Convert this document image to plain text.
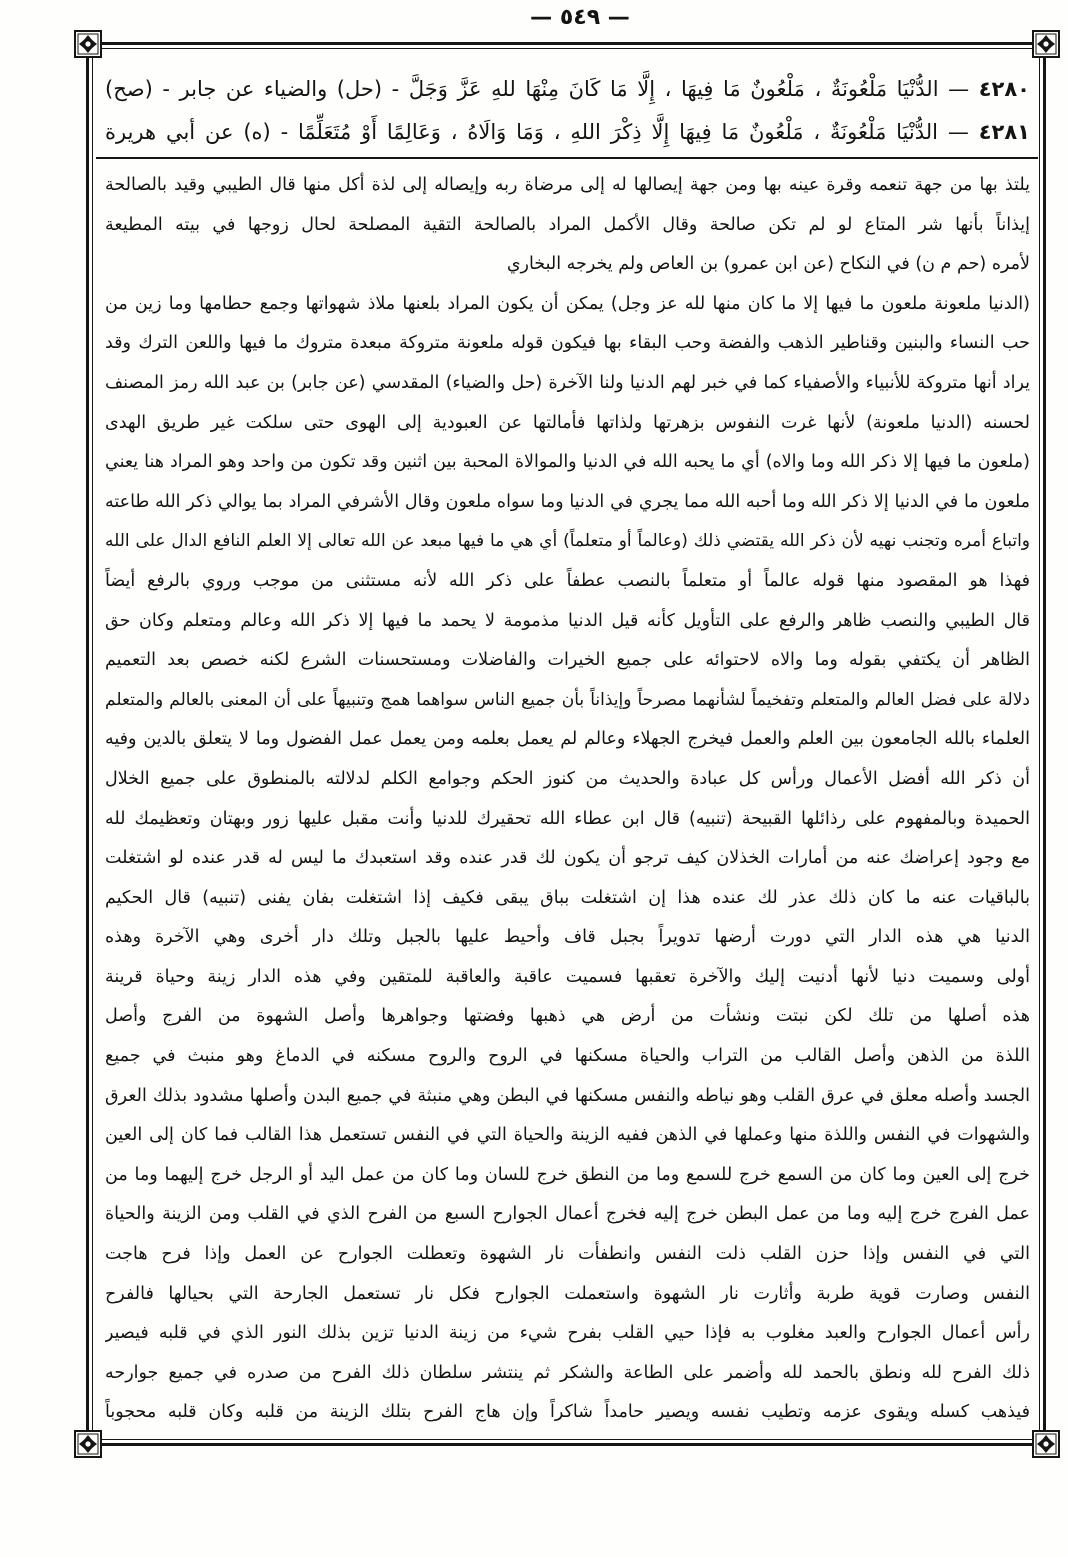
— ٥٤٩ —
٤٢٨٠ — الدُّنْيَا مَلْعُونَةٌ ، مَلْعُونٌ مَا فِيهَا ، إِلَّا مَا كَانَ مِنْهَا للهِ عَزَّ وَجَلَّ - (حل) والضياء عن جابر - (صح)
٤٢٨١ — الدُّنْيَا مَلْعُونَةٌ ، مَلْعُونٌ مَا فِيهَا إِلَّا ذِكْرَ اللهِ ، وَمَا وَالَاهُ ، وَعَالِمًا أَوْ مُتَعَلِّمًا - (ه) عن أبي هريرة
يلتذ بها من جهة تنعمه وقرة عينه بها ومن جهة إيصالها له إلى مرضاة ربه وإيصاله إلى لذة أكل منها قال الطيبي وقيد بالصالحة
إيذاناً بأنها شر المتاع لو لم تكن صالحة وقال الأكمل المراد بالصالحة التقية المصلحة لحال زوجها في بيته المطيعة
لأمره (حم م ن) في النكاح (عن ابن عمرو) بن العاص ولم يخرجه البخاري
(الدنيا ملعونة ملعون ما فيها إلا ما كان منها لله عز وجل) يمكن أن يكون المراد بلعنها ملاذ شهواتها وجمع حطامها وما زين من
حب النساء والبنين وقناطير الذهب والفضة وحب البقاء بها فيكون قوله ملعونة متروكة مبعدة متروك ما فيها واللعن الترك وقد
يراد أنها متروكة للأنبياء والأصفياء كما في خبر لهم الدنيا ولنا الآخرة (حل والضياء) المقدسي (عن جابر) بن عبد الله رمز المصنف
لحسنه (الدنيا ملعونة) لأنها غرت النفوس بزهرتها ولذاتها فأمالتها عن العبودية إلى الهوى حتى سلكت غير طريق الهدى
(ملعون ما فيها إلا ذكر الله وما والاه) أي ما يحبه الله في الدنيا والموالاة المحبة بين اثنين وقد تكون من واحد وهو المراد هنا يعني
ملعون ما في الدنيا إلا ذكر الله وما أحبه الله مما يجري في الدنيا وما سواه ملعون وقال الأشرفي المراد بما يوالي ذكر الله طاعته
واتباع أمره وتجنب نهيه لأن ذكر الله يقتضي ذلك (وعالماً أو متعلماً) أي هي ما فيها مبعد عن الله تعالى إلا العلم النافع الدال على الله
فهذا هو المقصود منها قوله عالماً أو متعلماً بالنصب عطفاً على ذكر الله لأنه مستثنى من موجب وروي بالرفع أيضاً
قال الطيبي والنصب ظاهر والرفع على التأويل كأنه قيل الدنيا مذمومة لا يحمد ما فيها إلا ذكر الله وعالم ومتعلم وكان حق
الظاهر أن يكتفي بقوله وما والاه لاحتوائه على جميع الخيرات والفاضلات ومستحسنات الشرع لكنه خصص بعد التعميم
دلالة على فضل العالم والمتعلم وتفخيماً لشأنهما مصرحاً وإيذاناً بأن جميع الناس سواهما همج وتنبيهاً على أن المعنى بالعالم والمتعلم
العلماء بالله الجامعون بين العلم والعمل فيخرج الجهلاء وعالم لم يعمل بعلمه ومن يعمل عمل الفضول وما لا يتعلق بالدين وفيه
أن ذكر الله أفضل الأعمال ورأس كل عبادة والحديث من كنوز الحكم وجوامع الكلم لدلالته بالمنطوق على جميع الخلال
الحميدة وبالمفهوم على رذائلها القبيحة (تنبيه) قال ابن عطاء الله تحقيرك للدنيا وأنت مقبل عليها زور وبهتان وتعظيمك لله
مع وجود إعراضك عنه من أمارات الخذلان كيف ترجو أن يكون لك قدر عنده وقد استعبدك ما ليس له قدر عنده لو اشتغلت
بالباقيات عنه ما كان ذلك عذر لك عنده هذا إن اشتغلت بباق يبقى فكيف إذا اشتغلت بفان يفنى (تنبيه) قال الحكيم
الدنيا هي هذه الدار التي دورت أرضها تدويراً بجبل قاف وأحيط عليها بالجبل وتلك دار أخرى وهي الآخرة وهذه
أولى وسميت دنيا لأنها أدنيت إليك والآخرة تعقبها فسميت عاقبة والعاقبة للمتقين وفي هذه الدار زينة وحياة قرينة
هذه أصلها من تلك لكن نبتت ونشأت من أرض هي ذهبها وفضتها وجواهرها وأصل الشهوة من الفرج وأصل
اللذة من الذهن وأصل القالب من التراب والحياة مسكنها في الروح والروح مسكنه في الدماغ وهو منبث في جميع
الجسد وأصله معلق في عرق القلب وهو نياطه والنفس مسكنها في البطن وهي منبثة في جميع البدن وأصلها مشدود بذلك العرق
والشهوات في النفس واللذة منها وعملها في الذهن ففيه الزينة والحياة التي في النفس تستعمل هذا القالب فما كان إلى العين
خرج إلى العين وما كان من السمع خرج للسمع وما من النطق خرج للسان وما كان من عمل اليد أو الرجل خرج إليهما وما من
عمل الفرج خرج إليه وما من عمل البطن خرج إليه فخرج أعمال الجوارح السبع من الفرح الذي في القلب ومن الزينة والحياة
التي في النفس وإذا حزن القلب ذلت النفس وانطفأت نار الشهوة وتعطلت الجوارح عن العمل وإذا فرح هاجت
النفس وصارت قوية طربة وأثارت نار الشهوة واستعملت الجوارح فكل نار تستعمل الجارحة التي بحيالها فالفرح
رأس أعمال الجوارح والعبد مغلوب به فإذا حيي القلب بفرح شيء من زينة الدنيا تزين بذلك النور الذي في قلبه فيصير
ذلك الفرح لله ونطق بالحمد لله وأضمر على الطاعة والشكر ثم ينتشر سلطان ذلك الفرح من صدره في جميع جوارحه
فيذهب كسله ويقوى عزمه وتطيب نفسه ويصير حامداً شاكراً وإن هاج الفرح بتلك الزينة من قلبه وكان قلبه محجوباً
